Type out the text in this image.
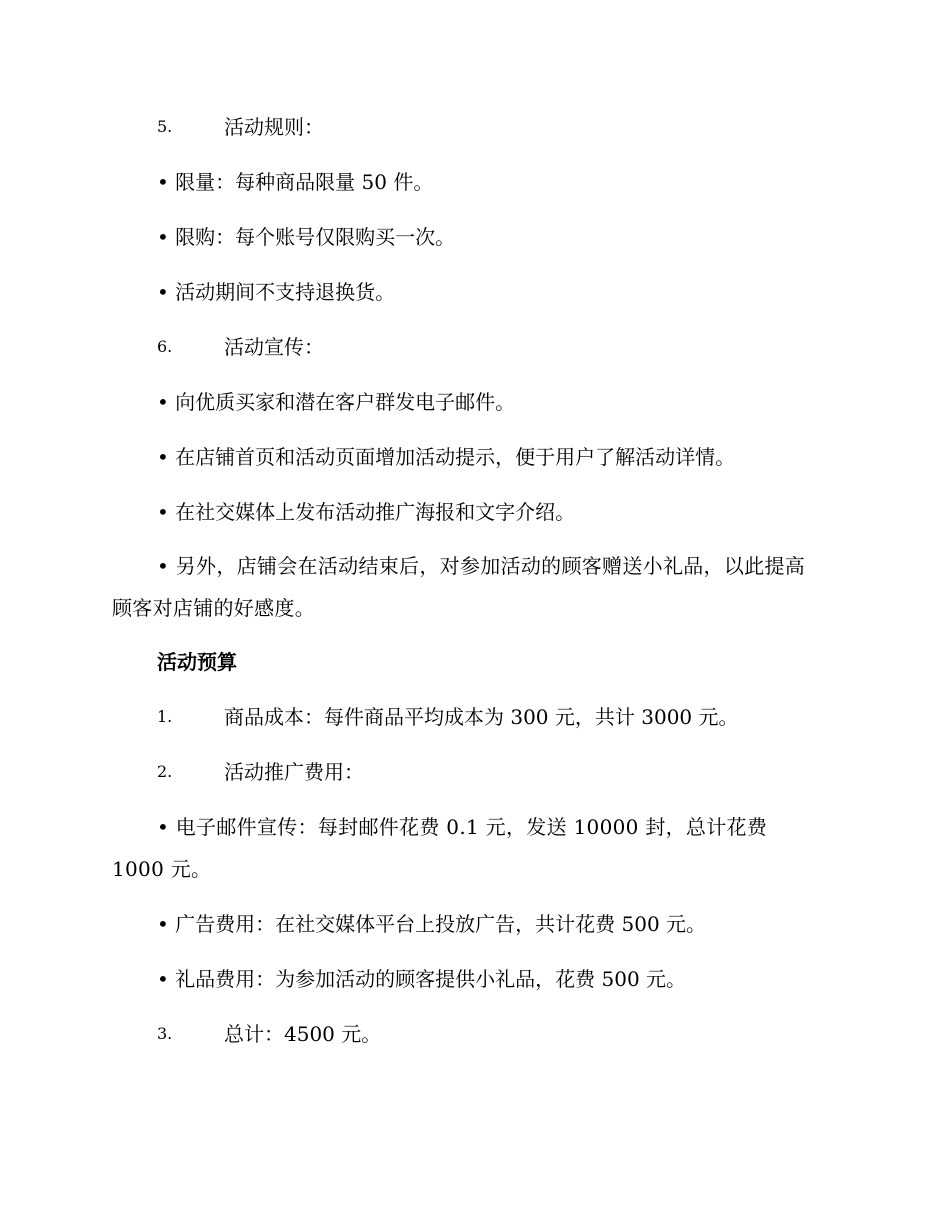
5.	活动规则：
• 限量：每种商品限量 50 件。
• 限购：每个账号仅限购买一次。
• 活动期间不支持退换货。
6.	活动宣传：
• 向优质买家和潜在客户群发电子邮件。
• 在店铺首页和活动页面增加活动提示，便于用户了解活动详情。
• 在社交媒体上发布活动推广海报和文字介绍。
• 另外，店铺会在活动结束后，对参加活动的顾客赠送小礼品，以此提高顾客对店铺的好感度。
活动预算
1.	商品成本：每件商品平均成本为 300 元，共计 3000 元。
2.	活动推广费用：
• 电子邮件宣传：每封邮件花费 0.1 元，发送 10000 封，总计花费 1000 元。
• 广告费用：在社交媒体平台上投放广告，共计花费 500 元。
• 礼品费用：为参加活动的顾客提供小礼品，花费 500 元。
3.	总计：4500 元。
